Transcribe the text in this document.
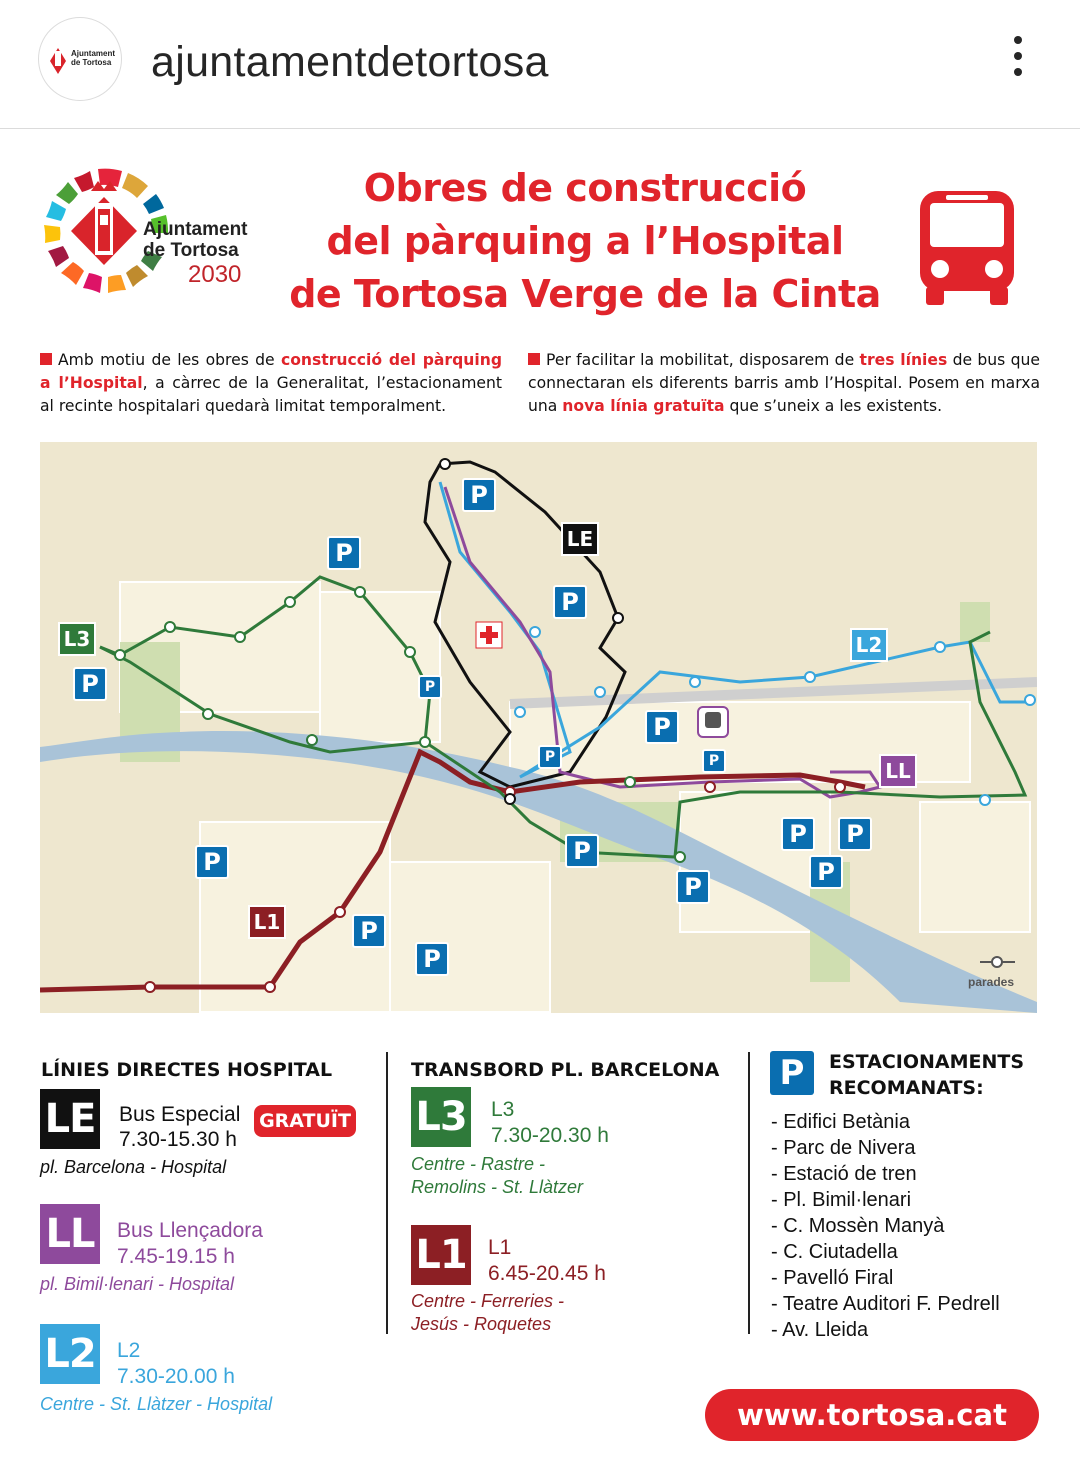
Ajuntament de Tortosa ajuntamentdetortosa
Ajuntament de Tortosa
2030
Obres de construcció
del pàrquing a l’Hospital
de Tortosa Verge de la Cinta
Amb motiu de les obres de construcció del pàrquing a l’Hospital, a càrrec de la Generalitat, l’estacionament al recinte hospitalari quedarà limitat temporalment.
Per facilitar la mobilitat, disposarem de tres línies de bus que connectaran els diferents barris amb l’Hospital. Posem en marxa una nova línia gratuïta que s’uneix a les existents.
P
P
P
P	P
P
P	P
P	P
P
P	P
P
P
P
LE
L3	L2
LL
L1
parades
LÍNIES DIRECTES HOSPITAL
LE Bus Especial
7.30-15.30 h
GRATUÏT
pl. Barcelona - Hospital
LL Bus Llençadora
7.45-19.15 h
pl. Bimil·lenari - Hospital
L2 L2
7.30-20.00 h
Centre - St. Llàtzer - Hospital
TRANSBORD PL. BARCELONA
L3 L3
7.30-20.30 h
Centre - Rastre -
Remolins - St. Llàtzer
L1 L1
6.45-20.45 h
Centre - Ferreries -
Jesús - Roquetes
P	ESTACIONAMENTS
RECOMANATS:
- Edifici Betània
- Parc de Nivera
- Estació de tren
- Pl. Bimil·lenari
- C. Mossèn Manyà
- C. Ciutadella
- Pavelló Firal
- Teatre Auditori F. Pedrell
- Av. Lleida
www.tortosa.cat
